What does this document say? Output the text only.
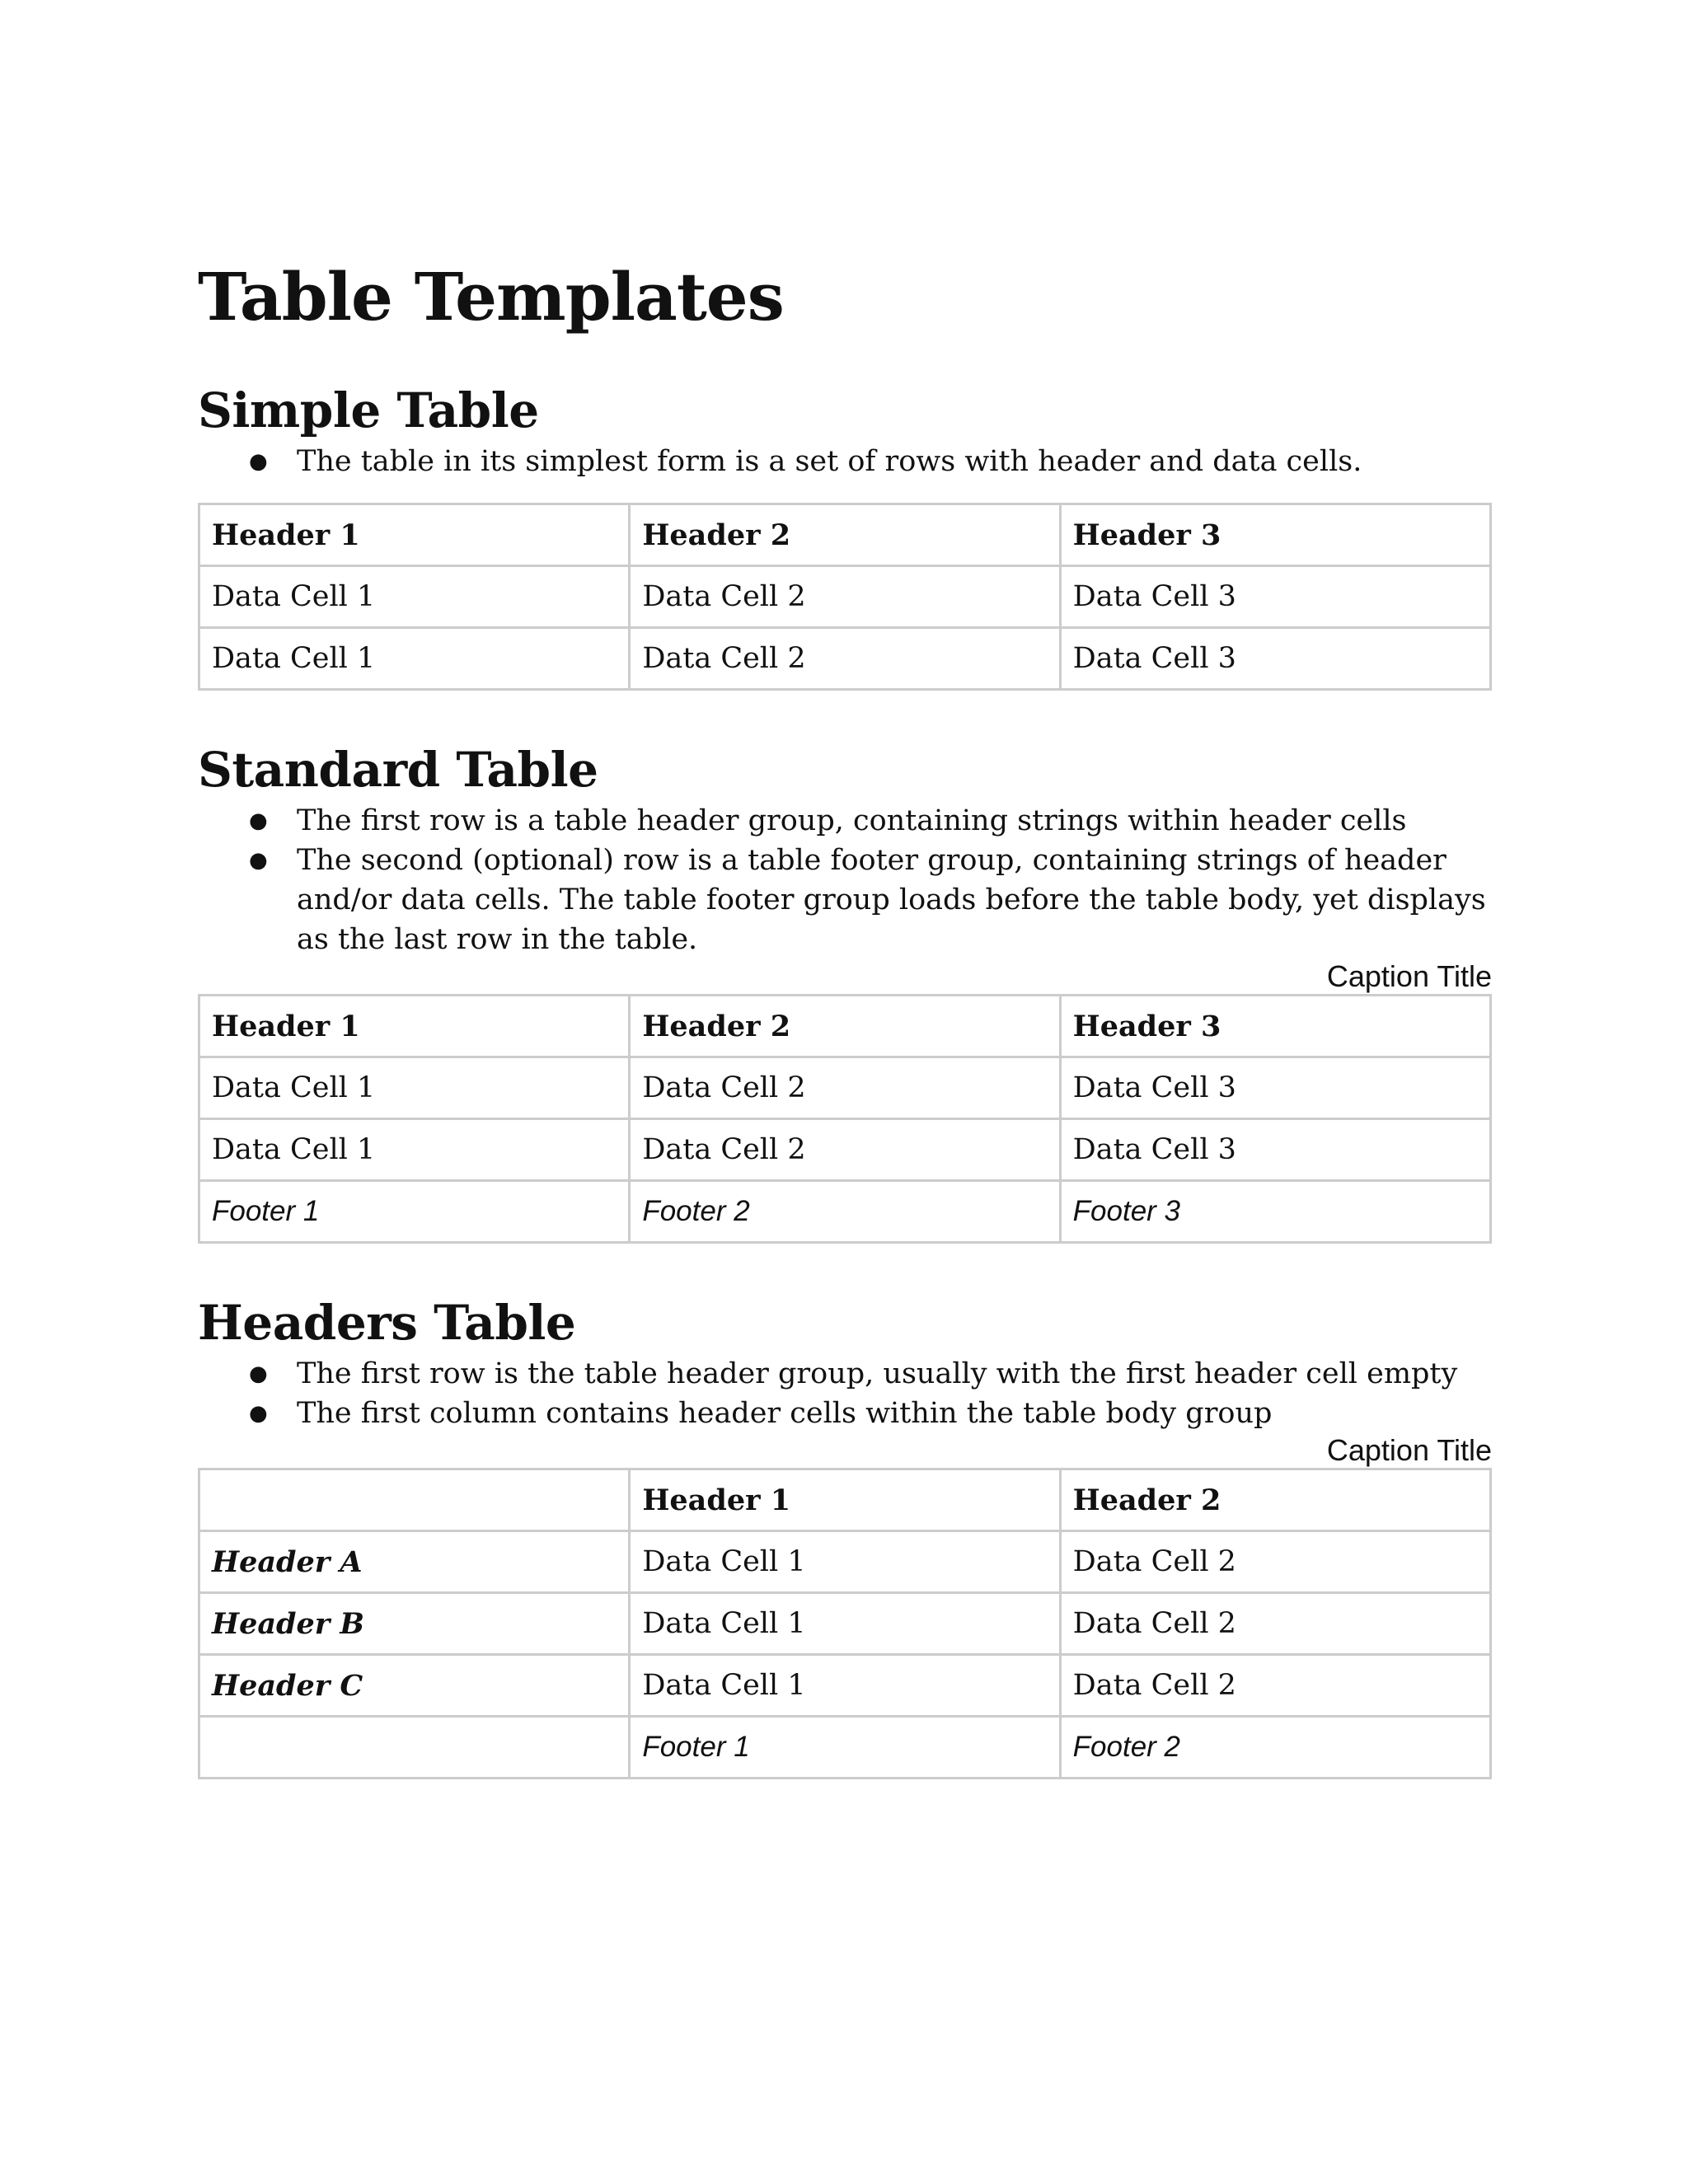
Table Templates
Simple Table
● The table in its simplest form is a set of rows with header and data cells.
Header 1	Header 2	Header 3
Data Cell 1	Data Cell 2	Data Cell 3
Data Cell 1	Data Cell 2	Data Cell 3
Standard Table
● The first row is a table header group, containing strings within header cells
● The second (optional) row is a table footer group, containing strings of header and/or data cells. The table footer group loads before the table body, yet displays as the last row in the table.
Caption Title
Header 1	Header 2	Header 3
Data Cell 1	Data Cell 2	Data Cell 3
Data Cell 1	Data Cell 2	Data Cell 3
Footer 1	Footer 2	Footer 3
Headers Table
● The first row is the table header group, usually with the first header cell empty
● The first column contains header cells within the table body group
Caption Title
	Header 1	Header 2
Header A	Data Cell 1	Data Cell 2
Header B	Data Cell 1	Data Cell 2
Header C	Data Cell 1	Data Cell 2
	Footer 1	Footer 2
